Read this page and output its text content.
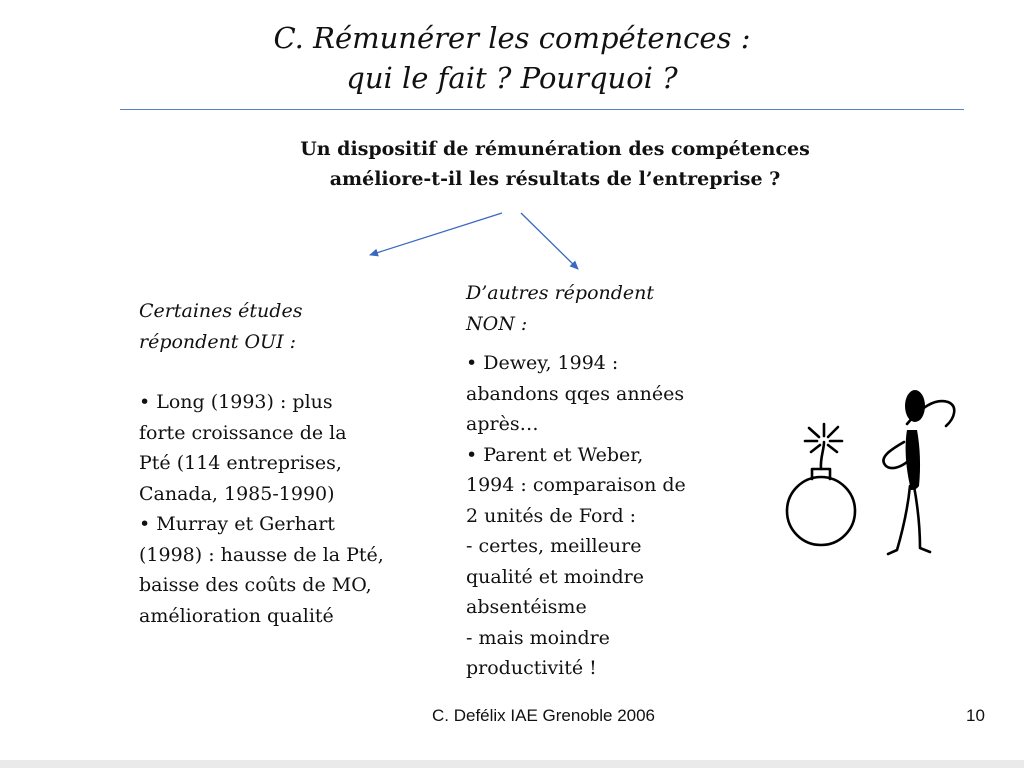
C. Rémunérer les compétences :
qui le fait ? Pourquoi ?
Un dispositif de rémunération des compétences
améliore-t-il les résultats de l’entreprise ?
Certaines études
répondent OUI :
• Long (1993) : plus
forte croissance de la
Pté (114 entreprises,
Canada, 1985-1990)
• Murray et Gerhart
(1998) : hausse de la Pté,
baisse des coûts de MO,
amélioration qualité
D’autres répondent
NON :
• Dewey, 1994 :
abandons qqes années
après…
• Parent et Weber,
1994 : comparaison de
2 unités de Ford :
- certes, meilleure
qualité et moindre
absentéisme
- mais moindre
productivité !
C. Defélix IAE Grenoble 2006	10
